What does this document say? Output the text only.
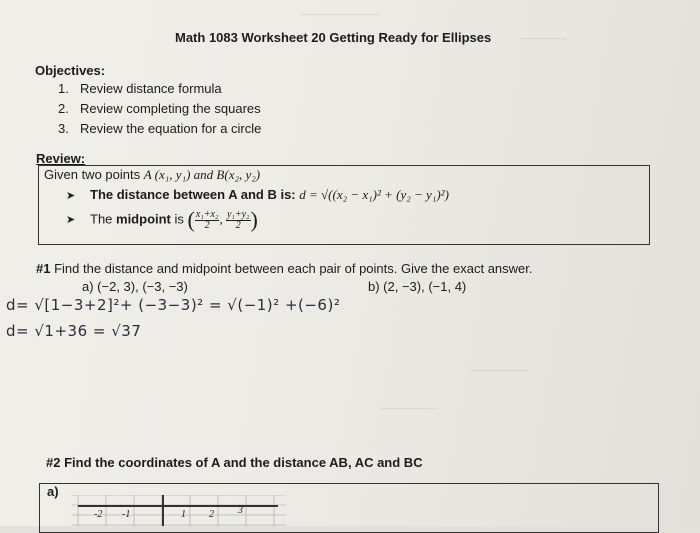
———————
————
—————
—————
Math 1083 Worksheet 20 Getting Ready for Ellipses
Objectives:
1. Review distance formula
2. Review completing the squares
3. Review the equation for a circle
Review:
Given two points A (x₁, y₁) and B(x₂, y₂)
➤ The distance between A and B is: d = √((x₂ − x₁)² + (y₂ − y₁)²)
➤ The midpoint is ( $\frac{\text{x₁+x₂}}{2}$ , $\frac{\text{y₁+y₂}}{2}$ )
#1 Find the distance and midpoint between each pair of points. Give the exact answer.
a) (−2, 3), (−3, −3)	b) (2, −3), (−1, 4)
d= √[1−3+2]²+ (−3−3)² = √(−1)² +(−6)²
d= √1+36 = √37
#2 Find the coordinates of A and the distance AB, AC and BC
a)
-2 -1	1 2 3
